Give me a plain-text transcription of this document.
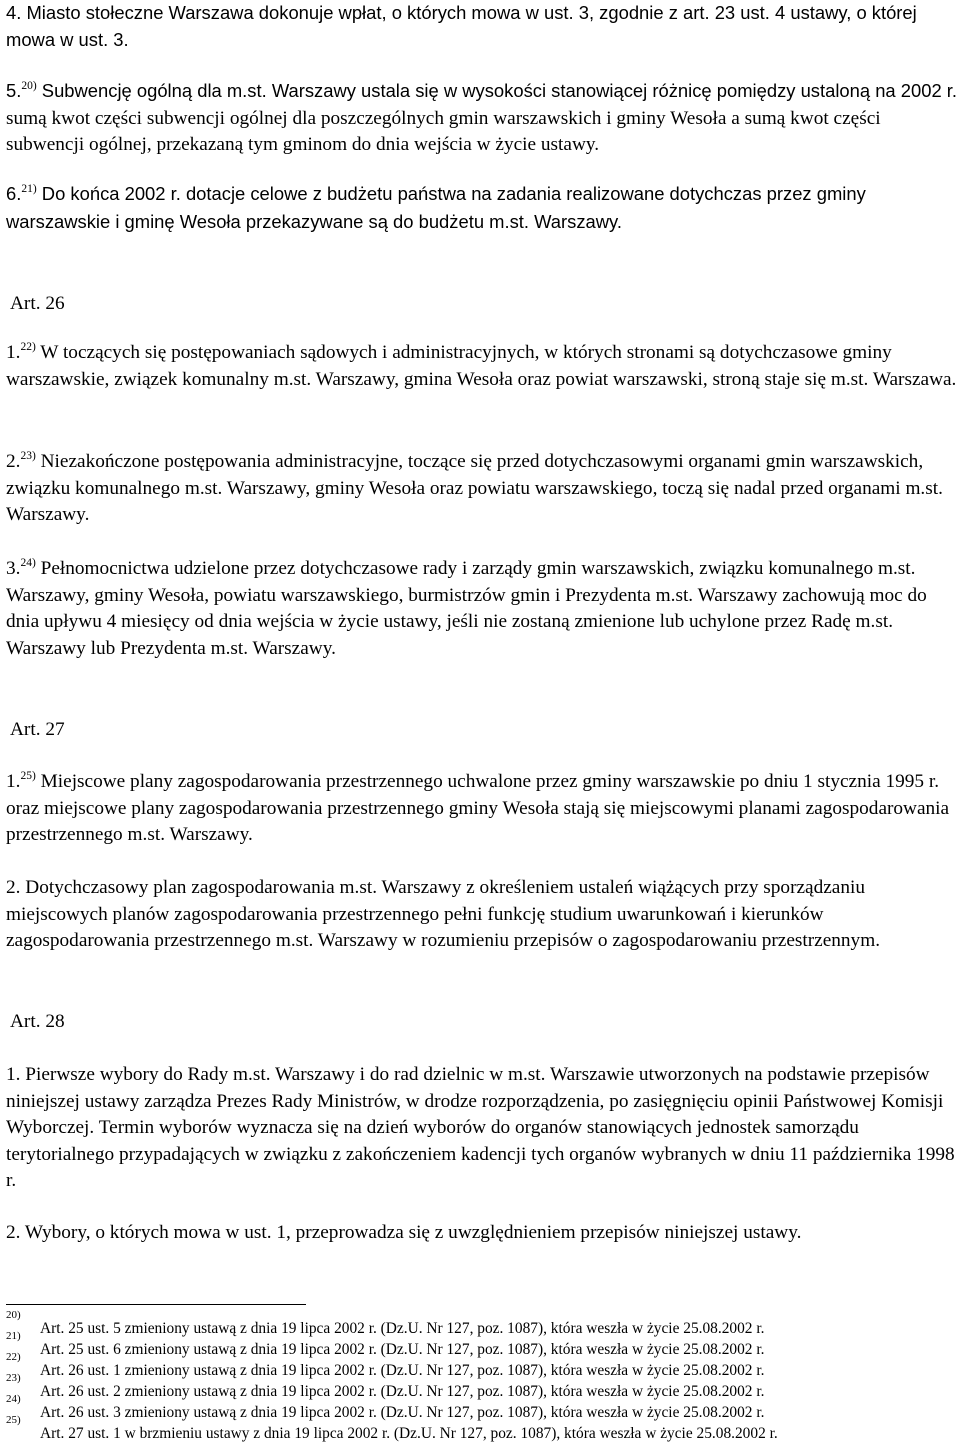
4. Miasto stołeczne Warszawa dokonuje wpłat, o których mowa w ust. 3, zgodnie z art. 23 ust. 4 ustawy, o której mowa w ust. 3.

5.$^{20)}$ Subwencję ogólną dla m.st. Warszawy ustala się w wysokości stanowiącej różnicę pomiędzy ustaloną na 2002 r. sumą kwot części subwencji ogólnej dla poszczególnych gmin warszawskich i gminy Wesoła a sumą kwot części subwencji ogólnej, przekazaną tym gminom do dnia wejścia w życie ustawy.

6.$^{21)}$ Do końca 2002 r. dotacje celowe z budżetu państwa na zadania realizowane dotychczas przez gminy warszawskie i gminę Wesoła przekazywane są do budżetu m.st. Warszawy.

Art. 26

1.$^{22)}$ W toczących się postępowaniach sądowych i administracyjnych, w których stronami są dotychczasowe gminy warszawskie, związek komunalny m.st. Warszawy, gmina Wesoła oraz powiat warszawski, stroną staje się m.st. Warszawa.

2.$^{23)}$ Niezakończone postępowania administracyjne, toczące się przed dotychczasowymi organami gmin warszawskich, związku komunalnego m.st. Warszawy, gminy Wesoła oraz powiatu warszawskiego, toczą się nadal przed organami m.st. Warszawy.

3.$^{24)}$ Pełnomocnictwa udzielone przez dotychczasowe rady i zarządy gmin warszawskich, związku komunalnego m.st. Warszawy, gminy Wesoła, powiatu warszawskiego, burmistrzów gmin i Prezydenta m.st. Warszawy zachowują moc do dnia upływu 4 miesięcy od dnia wejścia w życie ustawy, jeśli nie zostaną zmienione lub uchylone przez Radę m.st. Warszawy lub Prezydenta m.st. Warszawy.

Art. 27

1.$^{25)}$ Miejscowe plany zagospodarowania przestrzennego uchwalone przez gminy warszawskie po dniu 1 stycznia 1995 r. oraz miejscowe plany zagospodarowania przestrzennego gminy Wesoła stają się miejscowymi planami zagospodarowania przestrzennego m.st. Warszawy.

2. Dotychczasowy plan zagospodarowania m.st. Warszawy z określeniem ustaleń wiążących przy sporządzaniu miejscowych planów zagospodarowania przestrzennego pełni funkcję studium uwarunkowań i kierunków zagospodarowania przestrzennego m.st. Warszawy w rozumieniu przepisów o zagospodarowaniu przestrzennym.

Art. 28

1. Pierwsze wybory do Rady m.st. Warszawy i do rad dzielnic w m.st. Warszawie utworzonych na podstawie przepisów niniejszej ustawy zarządza Prezes Rady Ministrów, w drodze rozporządzenia, po zasięgnięciu opinii Państwowej Komisji Wyborczej. Termin wyborów wyznacza się na dzień wyborów do organów stanowiących jednostek samorządu terytorialnego przypadających w związku z zakończeniem kadencji tych organów wybranych w dniu 11 października 1998 r.

2. Wybory, o których mowa w ust. 1, przeprowadza się z uwzględnieniem przepisów niniejszej ustawy.

20)
Art. 25 ust. 5 zmieniony ustawą z dnia 19 lipca 2002 r. (Dz.U. Nr 127, poz. 1087), która weszła w życie 25.08.2002 r.
21)
Art. 25 ust. 6 zmieniony ustawą z dnia 19 lipca 2002 r. (Dz.U. Nr 127, poz. 1087), która weszła w życie 25.08.2002 r.
22)
Art. 26 ust. 1 zmieniony ustawą z dnia 19 lipca 2002 r. (Dz.U. Nr 127, poz. 1087), która weszła w życie 25.08.2002 r.
23)
Art. 26 ust. 2 zmieniony ustawą z dnia 19 lipca 2002 r. (Dz.U. Nr 127, poz. 1087), która weszła w życie 25.08.2002 r.
24)
Art. 26 ust. 3 zmieniony ustawą z dnia 19 lipca 2002 r. (Dz.U. Nr 127, poz. 1087), która weszła w życie 25.08.2002 r.
25)
Art. 27 ust. 1 w brzmieniu ustawy z dnia 19 lipca 2002 r. (Dz.U. Nr 127, poz. 1087), która weszła w życie 25.08.2002 r.
